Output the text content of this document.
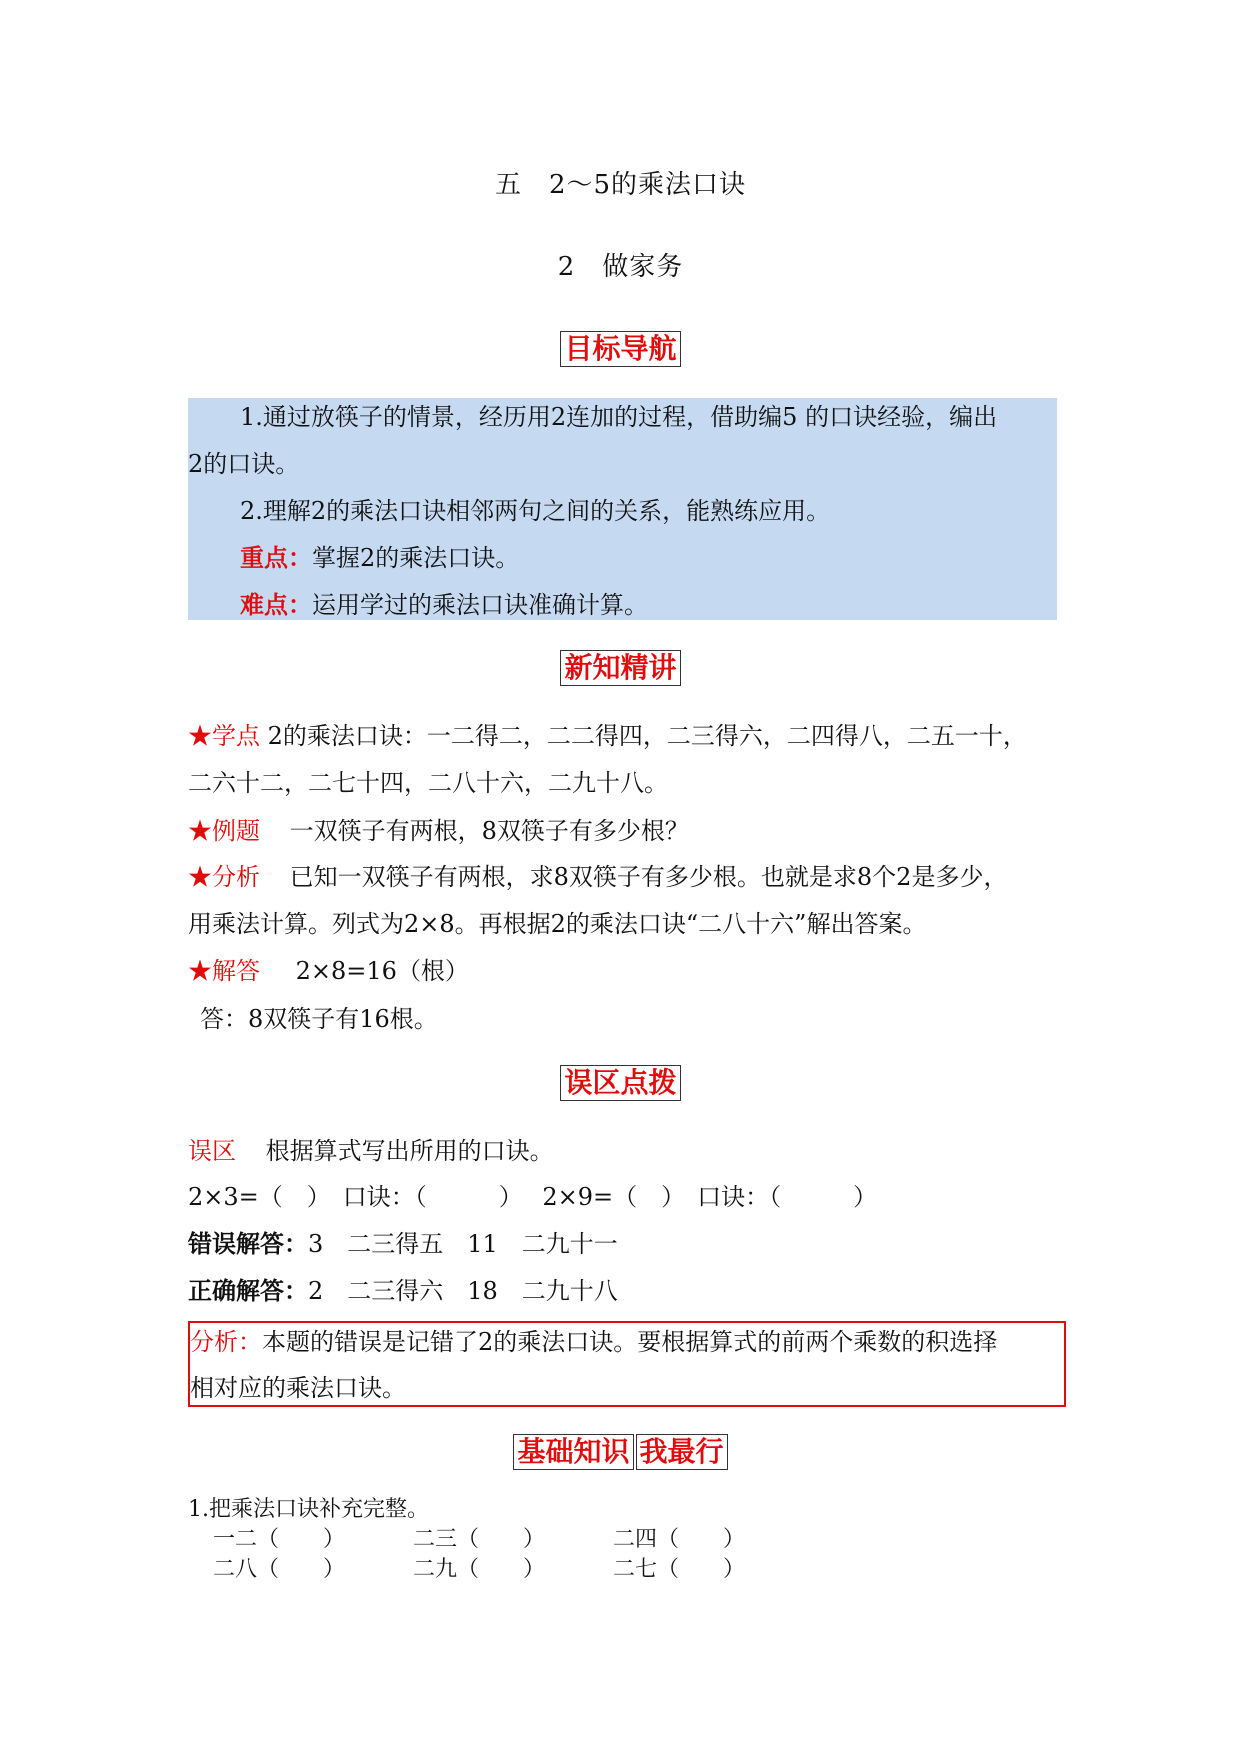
五　2～5的乘法口诀
2　做家务
目标导航
1.通过放筷子的情景，经历用2连加的过程，借助编5 的口诀经验，编出
2的口诀。
2.理解2的乘法口诀相邻两句之间的关系，能熟练应用。
重点：掌握2的乘法口诀。
难点：运用学过的乘法口诀准确计算。
新知精讲
★学点 2的乘法口诀：一二得二，二二得四，二三得六，二四得八，二五一十，
二六十二，二七十四，二八十六，二九十八。
★例题 一双筷子有两根，8双筷子有多少根？
★分析 已知一双筷子有两根，求8双筷子有多少根。也就是求8个2是多少，
用乘法计算。列式为2×8。再根据2的乘法口诀“二八十六”解出答案。
★解答 2×8=16（根）
答：8双筷子有16根。
误区点拨
误区 根据算式写出所用的口诀。
2×3=（　）　口诀：（　　　）　 2×9=（　）　口诀：（　　　）
错误解答：3　二三得五　11　二九十一
正确解答：2　二三得六　18　二九十八
分析：本题的错误是记错了2的乘法口诀。要根据算式的前两个乘数的积选择
相对应的乘法口诀。
基础知识 我最行
1.把乘法口诀补充完整。
一二（　　）	二三（　　）	二四（　　）
二八（　　）	二九（　　）	二七（　　）
